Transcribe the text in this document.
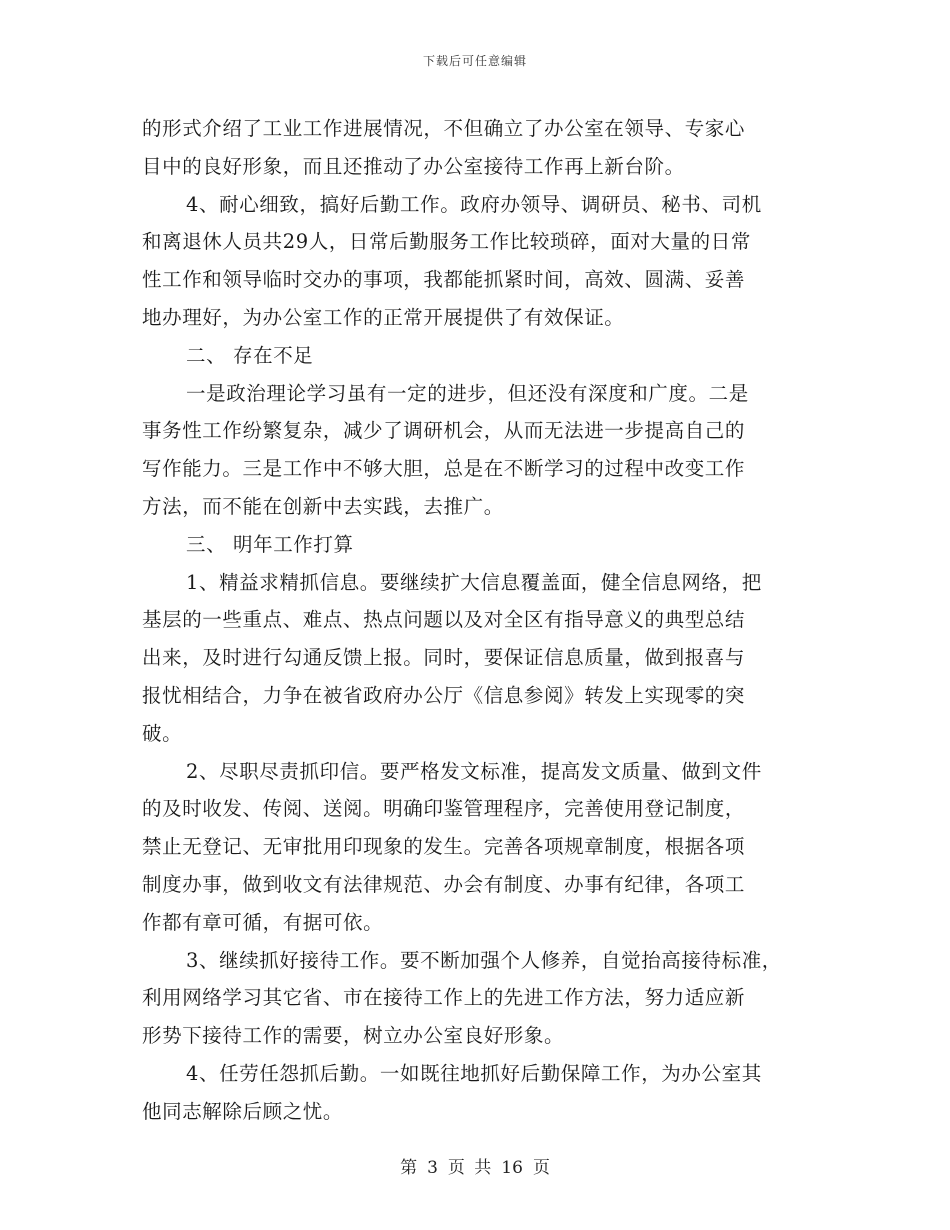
下载后可任意编辑
的形式介绍了工业工作进展情况，不但确立了办公室在领导、专家心
目中的良好形象，而且还推动了办公室接待工作再上新台阶。
4、耐心细致，搞好后勤工作。政府办领导、调研员、秘书、司机
和离退休人员共29人，日常后勤服务工作比较琐碎，面对大量的日常
性工作和领导临时交办的事项，我都能抓紧时间，高效、圆满、妥善
地办理好，为办公室工作的正常开展提供了有效保证。
二、 存在不足
一是政治理论学习虽有一定的进步，但还没有深度和广度。二是
事务性工作纷繁复杂，减少了调研机会，从而无法进一步提高自己的
写作能力。三是工作中不够大胆，总是在不断学习的过程中改变工作
方法，而不能在创新中去实践，去推广。
三、 明年工作打算
1、精益求精抓信息。要继续扩大信息覆盖面，健全信息网络，把
基层的一些重点、难点、热点问题以及对全区有指导意义的典型总结
出来，及时进行勾通反馈上报。同时，要保证信息质量，做到报喜与
报忧相结合，力争在被省政府办公厅《信息参阅》转发上实现零的突
破。
2、尽职尽责抓印信。要严格发文标准，提高发文质量、做到文件
的及时收发、传阅、送阅。明确印鉴管理程序，完善使用登记制度，
禁止无登记、无审批用印现象的发生。完善各项规章制度，根据各项
制度办事，做到收文有法律规范、办会有制度、办事有纪律，各项工
作都有章可循，有据可依。
3、继续抓好接待工作。要不断加强个人修养，自觉抬高接待标准，
利用网络学习其它省、市在接待工作上的先进工作方法，努力适应新
形势下接待工作的需要，树立办公室良好形象。
4、任劳任怨抓后勤。一如既往地抓好后勤保障工作，为办公室其
他同志解除后顾之忧。
第 3 页 共 16 页
